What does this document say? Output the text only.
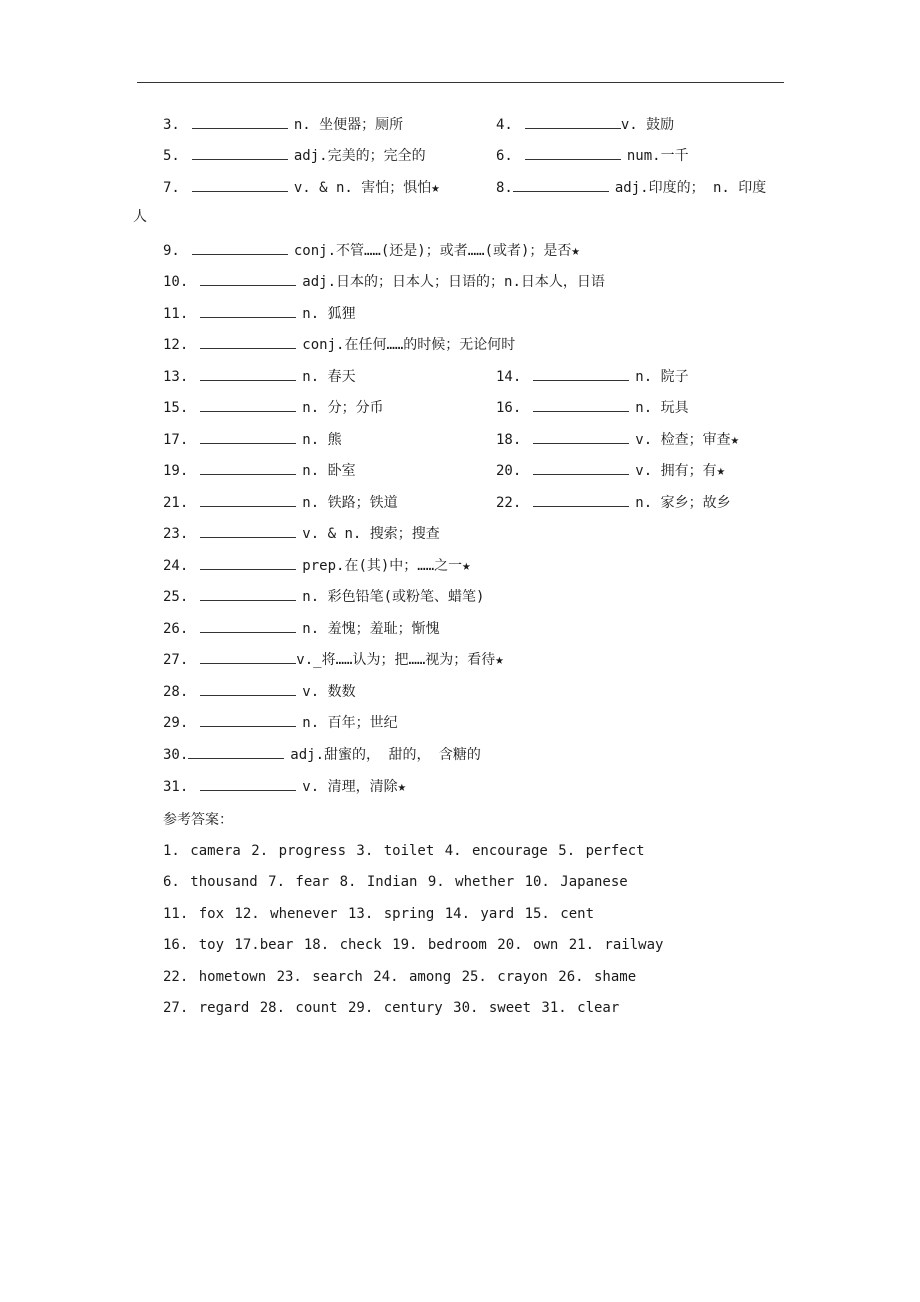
3.	n. 坐便器；厕所	4.	v. 鼓励
5.	adj.完美的；完全的	6.	num.一千
7.	v. & n. 害怕；惧怕★	8.	adj.印度的； n. 印度
人
9.	conj.不管……(还是)；或者……(或者)；是否★
10.	adj.日本的；日本人；日语的；n.日本人，日语
11.	n. 狐狸
12.	conj.在任何……的时候；无论何时
13.	n. 春天	14.	n. 院子
15.	n. 分；分币	16.	n. 玩具
17.	n. 熊	18.	v. 检查；审查★
19.	n. 卧室	20.	v. 拥有；有★
21.	n. 铁路；铁道	22.	n. 家乡；故乡
23.	v. & n. 搜索；搜查
24.	prep.在(其)中；……之一★
25.	n. 彩色铅笔(或粉笔、蜡笔)
26.	n. 羞愧；羞耻；惭愧
27.	v._将……认为；把……视为；看待★
28.	v. 数数
29.	n. 百年；世纪
30.	adj.甜蜜的， 甜的， 含糖的
31.	v. 清理，清除★
参考答案：
1. camera 2. progress 3. toilet 4. encourage 5. perfect
6. thousand 7. fear 8. Indian 9. whether 10. Japanese
11. fox 12. whenever 13. spring 14. yard 15. cent
16. toy 17.bear 18. check 19. bedroom 20. own 21. railway
22. hometown 23. search 24. among 25. crayon 26. shame
27. regard 28. count 29. century 30. sweet 31. clear
